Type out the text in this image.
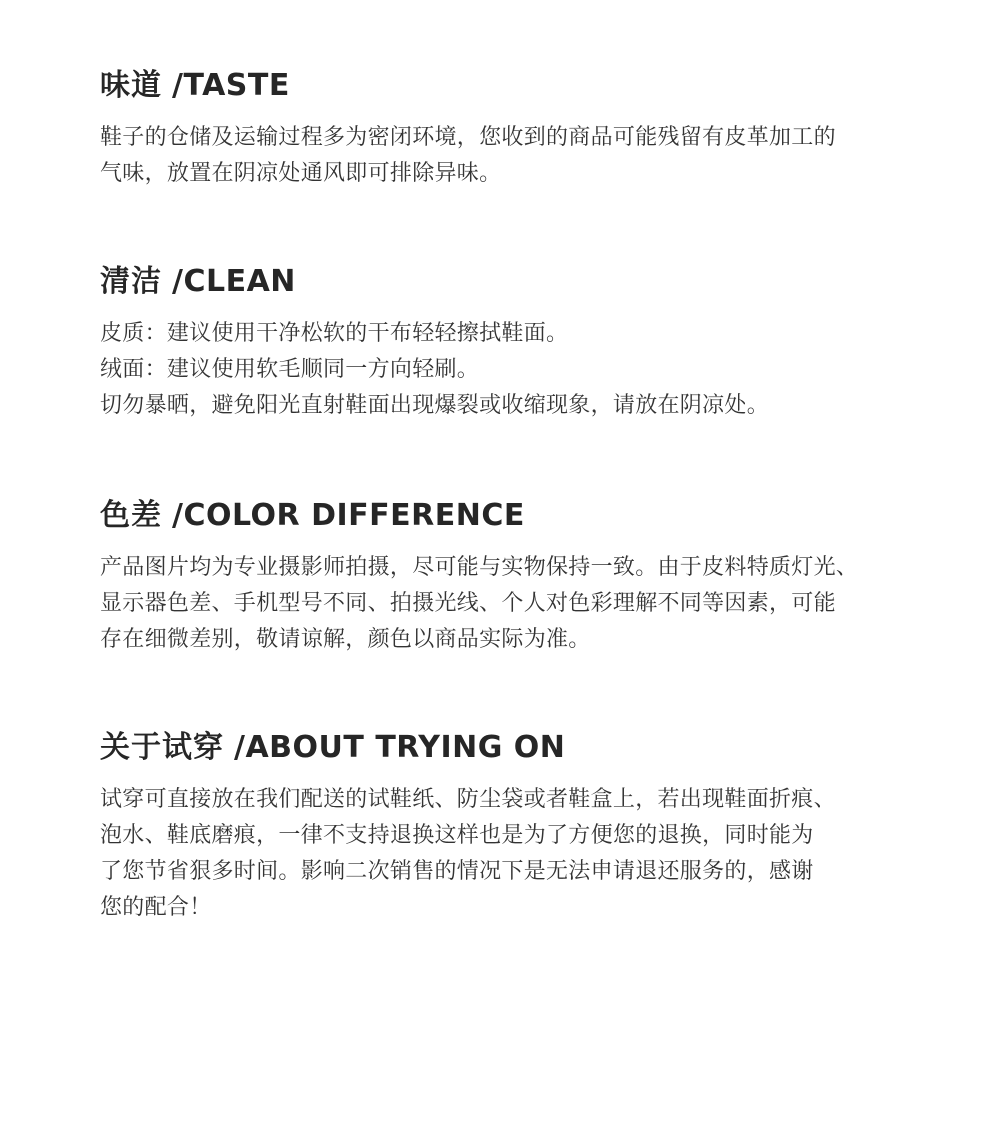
味道 /TASTE
鞋子的仓储及运输过程多为密闭环境，您收到的商品可能残留有皮革加工的
气味，放置在阴凉处通风即可排除异味。
清洁 /CLEAN
皮质：建议使用干净松软的干布轻轻擦拭鞋面。
绒面：建议使用软毛顺同一方向轻刷。
切勿暴晒，避免阳光直射鞋面出现爆裂或收缩现象，请放在阴凉处。
色差 /COLOR DIFFERENCE
产品图片均为专业摄影师拍摄，尽可能与实物保持一致。由于皮料特质灯光、
显示器色差、手机型号不同、拍摄光线、个人对色彩理解不同等因素，可能
存在细微差别，敬请谅解，颜色以商品实际为准。
关于试穿 /ABOUT TRYING ON
试穿可直接放在我们配送的试鞋纸、防尘袋或者鞋盒上，若出现鞋面折痕、
泡水、鞋底磨痕，一律不支持退换这样也是为了方便您的退换，同时能为
了您节省狠多时间。影响二次销售的情况下是无法申请退还服务的，感谢
您的配合！
